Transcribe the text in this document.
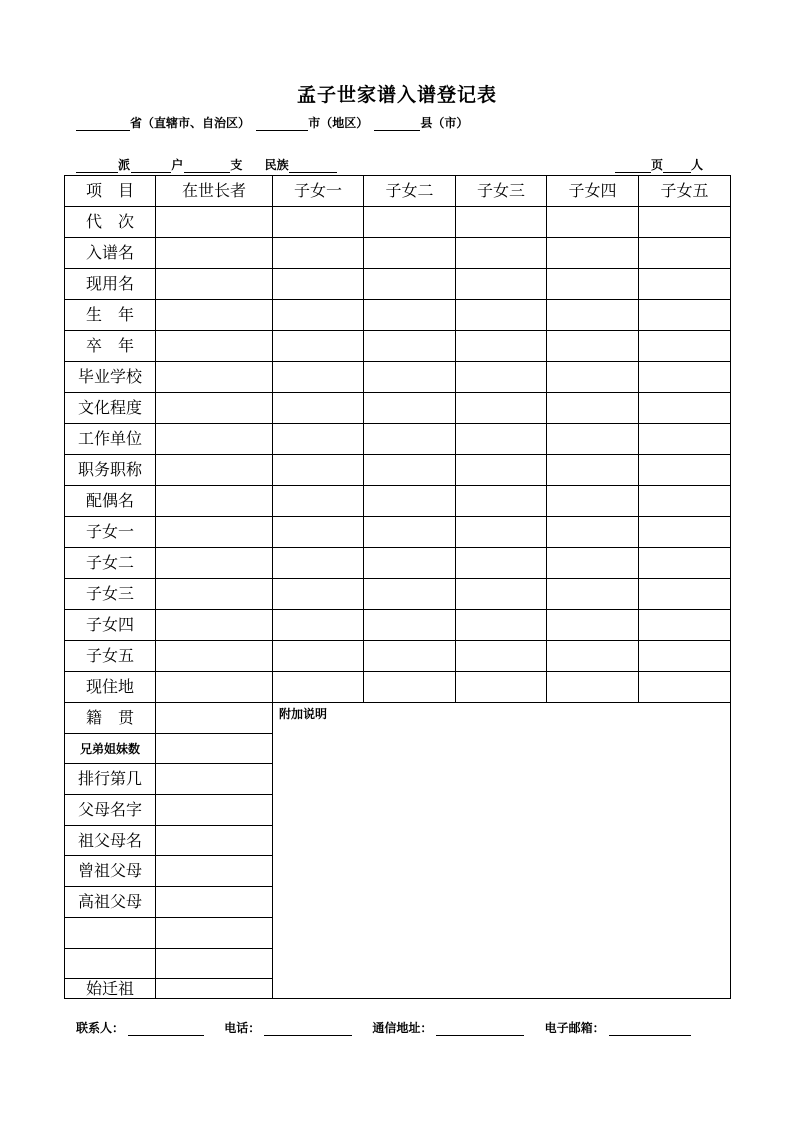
孟子世家谱入谱登记表
省（直辖市、自治区）	市（地区）	县（市）
派	户	支 民族	页 人
项　目	在世长者	子女一	子女二	子女三	子女四	子女五
代　次						
入谱名						
现用名						
生　年						
卒　年						
毕业学校						
文化程度						
工作单位						
职务职称						
配偶名						
子女一						
子女二						
子女三						
子女四						
子女五						
现住地						
籍　贯		附加说明				
兄弟姐妹数						
排行第几						
父母名字						
祖父母名						
曾祖父母						
高祖父母						

始迁祖						
联系人：	电话：	通信地址：	电子邮箱：
